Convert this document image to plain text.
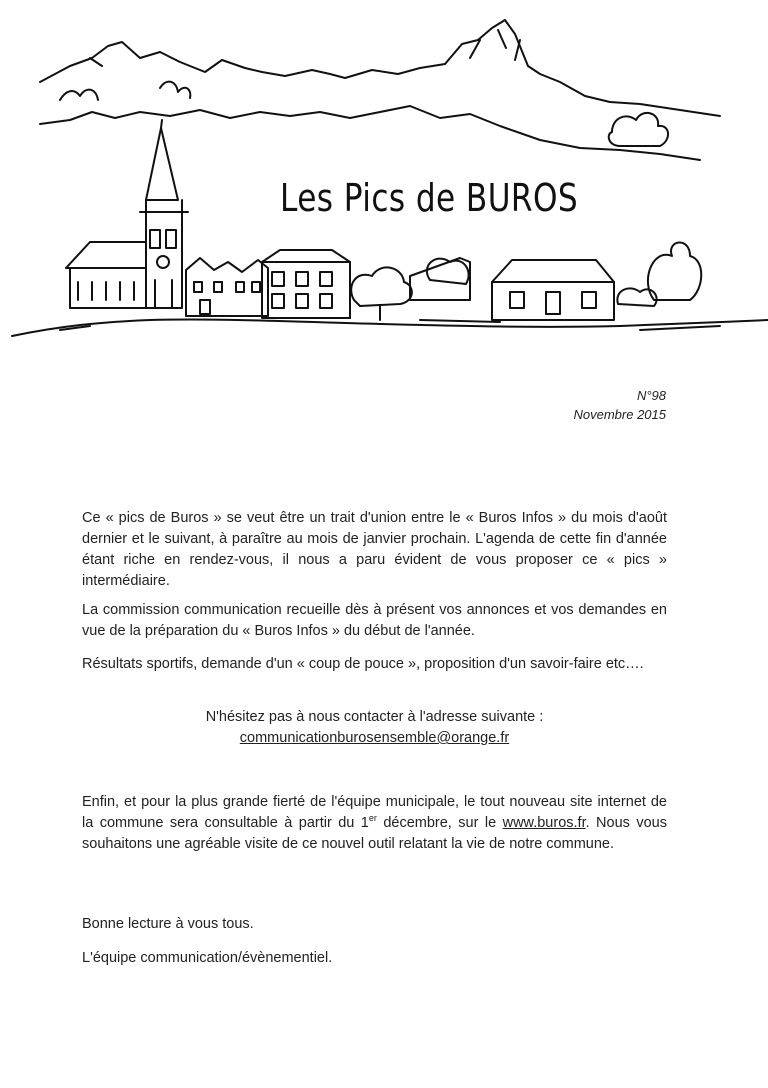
Les Pics de BUROS
N°98
Novembre 2015

Ce « pics de Buros » se veut être un trait d'union entre le « Buros Infos » du mois d'août dernier et le suivant, à paraître au mois de janvier prochain. L'agenda de cette fin d'année étant riche en rendez-vous, il nous a paru évident de vous proposer ce « pics » intermédiaire.

La commission communication recueille dès à présent vos annonces et vos demandes en vue de la préparation du « Buros Infos » du début de l'année.

Résultats sportifs, demande d'un « coup de pouce », proposition d'un savoir-faire etc….

N'hésitez pas à nous contacter à l'adresse suivante :
communicationburosensemble@orange.fr

Enfin, et pour la plus grande fierté de l'équipe municipale, le tout nouveau site internet de la commune sera consultable à partir du 1er décembre, sur le www.buros.fr. Nous vous souhaitons une agréable visite de ce nouvel outil relatant la vie de notre commune.

Bonne lecture à vous tous.
L'équipe communication/évènementiel.
